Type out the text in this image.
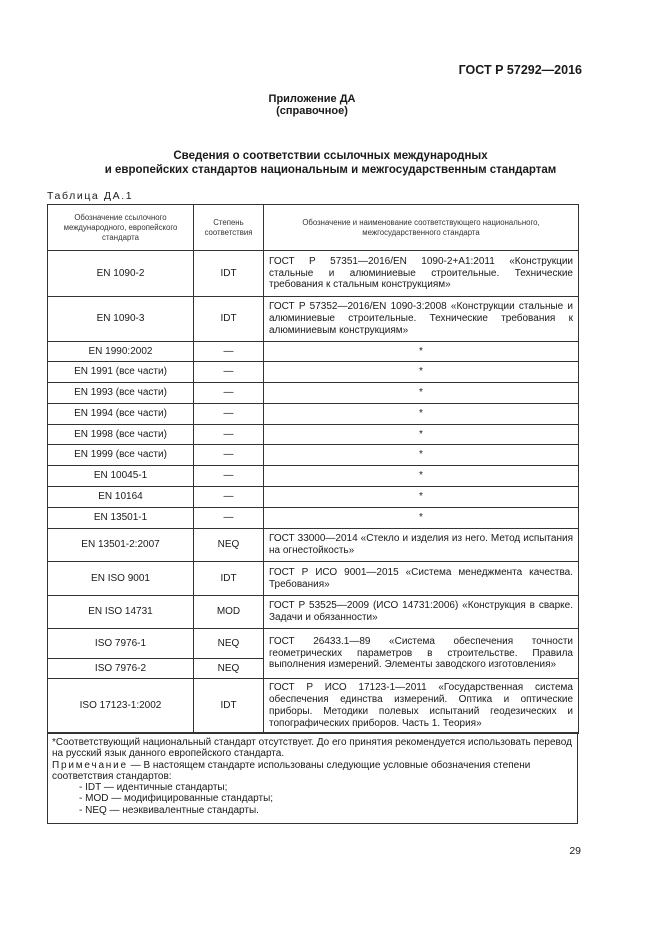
ГОСТ Р 57292—2016
Приложение ДА
(справочное)
Сведения о соответствии ссылочных международных
и европейских стандартов национальным и межгосударственным стандартам
Таблица ДА.1
Обозначение ссылочного международного, европейского стандарта	Степень соответствия	Обозначение и наименование соответствующего национального, межгосударственного стандарта
EN 1090-2	IDT	ГОСТ Р 57351—2016/EN 1090-2+A1:2011 «Конструкции стальные и алюминиевые строительные. Технические требования к стальным конструкциям»
EN 1090-3	IDT	ГОСТ Р 57352—2016/EN 1090-3:2008 «Конструкции стальные и алюминиевые строительные. Технические требования к алюминиевым конструкциям»
EN 1990:2002	—	*
EN 1991 (все части)	—	*
EN 1993 (все части)	—	*
EN 1994 (все части)	—	*
EN 1998 (все части)	—	*
EN 1999 (все части)	—	*
EN 10045-1	—	*
EN 10164	—	*
EN 13501-1	—	*
EN 13501-2:2007	NEQ	ГОСТ 33000—2014 «Стекло и изделия из него. Метод испытания на огнестойкость»
EN ISO 9001	IDT	ГОСТ Р ИСО 9001—2015 «Система менеджмента качества. Требования»
EN ISO 14731	MOD	ГОСТ Р 53525—2009 (ИСО 14731:2006) «Конструкция в сварке. Задачи и обязанности»
ISO 7976-1	NEQ	ГОСТ 26433.1—89 «Система обеспечения точности геометрических параметров в строительстве. Правила выполнения измерений. Элементы заводского изготовления»
ISO 7976-2	NEQ	
ISO 17123-1:2002	IDT	ГОСТ Р ИСО 17123-1—2011 «Государственная система обеспечения единства измерений. Оптика и оптические приборы. Методики полевых испытаний геодезических и топографических приборов. Часть 1. Теория»

*Соответствующий национальный стандарт отсутствует. До его принятия рекомендуется использовать перевод на русский язык данного европейского стандарта.

Примечание — В настоящем стандарте использованы следующие условные обозначения степени соответствия стандартов:

- IDT — идентичные стандарты;
- MOD — модифицированные стандарты;
- NEQ — неэквивалентные стандарты.
29
